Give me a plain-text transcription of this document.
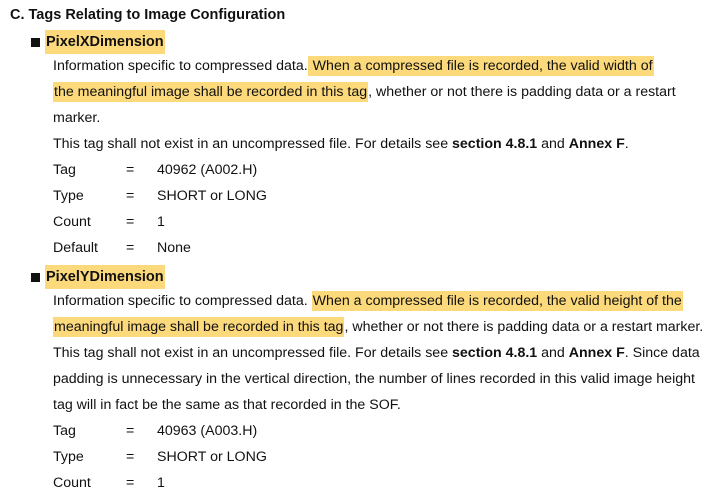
C. Tags Relating to Image Configuration
PixelXDimension

Information specific to compressed data. When a compressed file is recorded, the valid width of
the meaningful image shall be recorded in this tag, whether or not there is padding data or a restart marker.

This tag shall not exist in an uncompressed file. For details see section 4.8.1 and Annex F.

Tag	=	40962 (A002.H)
Type	=	SHORT or LONG
Count	=	1
Default	=	None
PixelYDimension

Information specific to compressed data. When a compressed file is recorded, the valid height of the
meaningful image shall be recorded in this tag, whether or not there is padding data or a restart marker.

This tag shall not exist in an uncompressed file. For details see section 4.8.1 and Annex F. Since data padding is unnecessary in the vertical direction, the number of lines recorded in this valid image height tag will in fact be the same as that recorded in the SOF.

Tag	=	40963 (A003.H)
Type	=	SHORT or LONG
Count	=	1
